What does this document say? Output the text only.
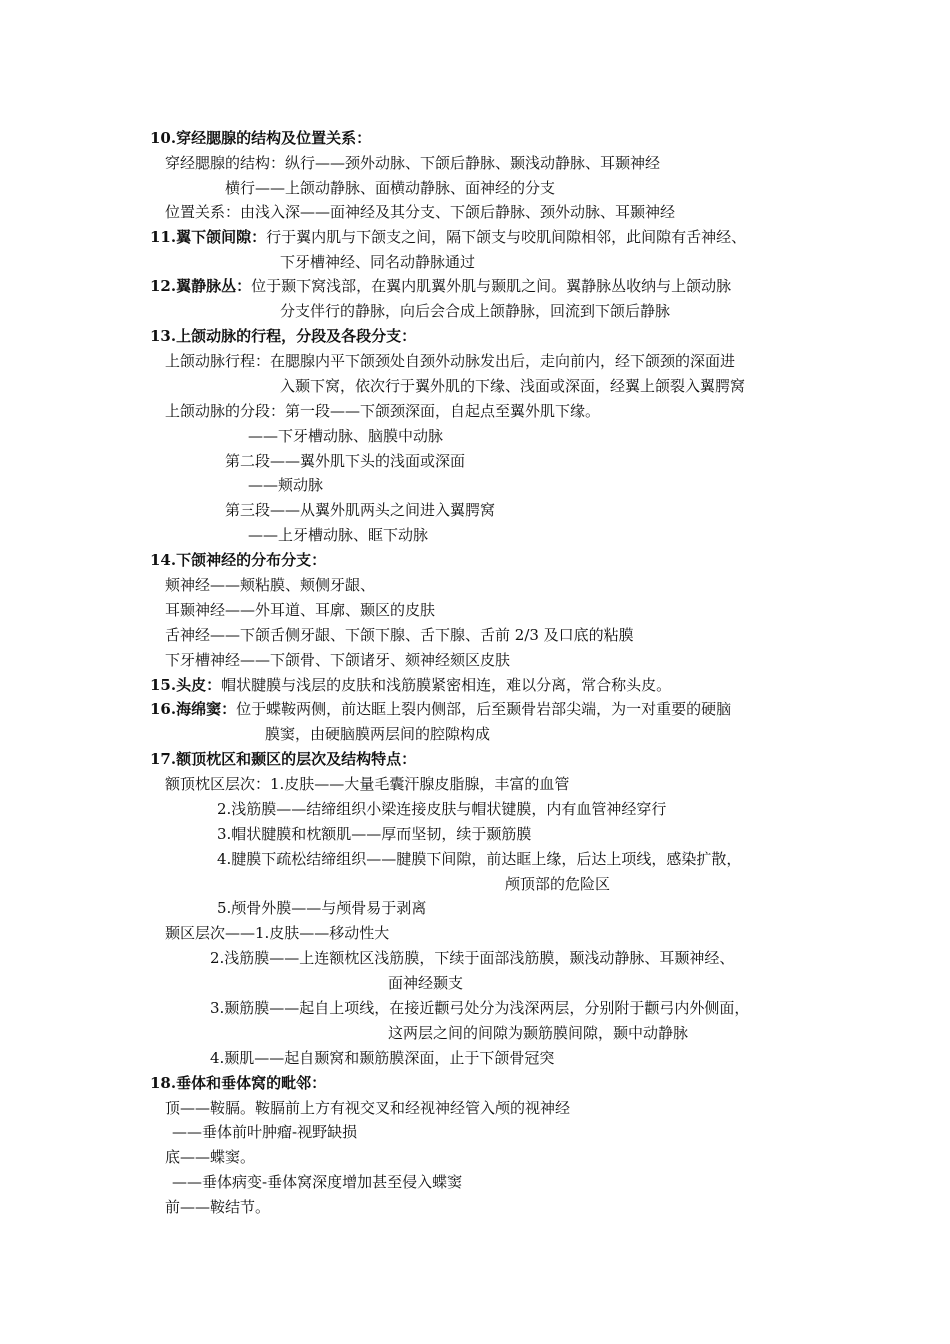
10.穿经腮腺的结构及位置关系：
穿经腮腺的结构：纵行——颈外动脉、下颌后静脉、颞浅动静脉、耳颞神经
横行——上颌动静脉、面横动静脉、面神经的分支
位置关系：由浅入深——面神经及其分支、下颌后静脉、颈外动脉、耳颞神经
11.翼下颌间隙：行于翼内肌与下颌支之间，隔下颌支与咬肌间隙相邻，此间隙有舌神经、
下牙槽神经、同名动静脉通过
12.翼静脉丛：位于颞下窝浅部，在翼内肌翼外肌与颞肌之间。翼静脉丛收纳与上颌动脉
分支伴行的静脉，向后会合成上颌静脉，回流到下颌后静脉
13.上颌动脉的行程，分段及各段分支：
上颌动脉行程：在腮腺内平下颌颈处自颈外动脉发出后，走向前内，经下颌颈的深面进
入颞下窝，依次行于翼外肌的下缘、浅面或深面，经翼上颌裂入翼腭窝
上颌动脉的分段：第一段——下颌颈深面，自起点至翼外肌下缘。
——下牙槽动脉、脑膜中动脉
第二段——翼外肌下头的浅面或深面
——颊动脉
第三段——从翼外肌两头之间进入翼腭窝
——上牙槽动脉、眶下动脉
14.下颌神经的分布分支：
颊神经——颊粘膜、颊侧牙龈、
耳颞神经——外耳道、耳廓、颞区的皮肤
舌神经——下颌舌侧牙龈、下颌下腺、舌下腺、舌前 2/3 及口底的粘膜
下牙槽神经——下颌骨、下颌诸牙、颏神经颏区皮肤
15.头皮：帽状腱膜与浅层的皮肤和浅筋膜紧密相连，难以分离，常合称头皮。
16.海绵窦：位于蝶鞍两侧，前达眶上裂内侧部，后至颞骨岩部尖端，为一对重要的硬脑
膜窦，由硬脑膜两层间的腔隙构成
17.额顶枕区和颞区的层次及结构特点：
额顶枕区层次：1.皮肤——大量毛囊汗腺皮脂腺，丰富的血管
2.浅筋膜——结缔组织小梁连接皮肤与帽状键膜，内有血管神经穿行
3.帽状腱膜和枕额肌——厚而坚韧，续于颞筋膜
4.腱膜下疏松结缔组织——腱膜下间隙，前达眶上缘，后达上项线，感染扩散，
颅顶部的危险区
5.颅骨外膜——与颅骨易于剥离
颞区层次——1.皮肤——移动性大
2.浅筋膜——上连额枕区浅筋膜，下续于面部浅筋膜，颞浅动静脉、耳颞神经、
面神经颞支
3.颞筋膜——起自上项线，在接近颧弓处分为浅深两层，分别附于颧弓内外侧面，
这两层之间的间隙为颞筋膜间隙，颞中动静脉
4.颞肌——起自颞窝和颞筋膜深面，止于下颌骨冠突
18.垂体和垂体窝的毗邻：
顶——鞍膈。鞍膈前上方有视交叉和经视神经管入颅的视神经
——垂体前叶肿瘤-视野缺损
底——蝶窦。
——垂体病变-垂体窝深度增加甚至侵入蝶窦
前——鞍结节。
